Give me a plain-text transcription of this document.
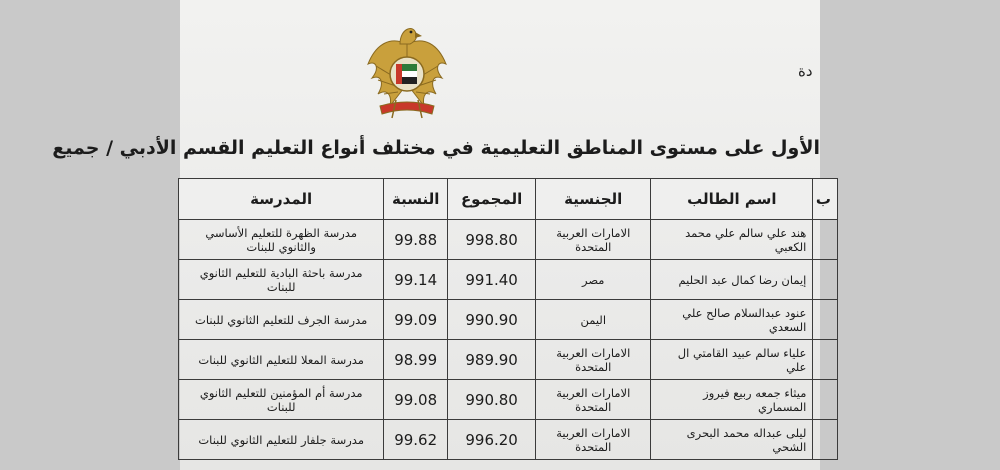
دة
الأول على مستوى المناطق التعليمية في مختلف أنواع التعليم القسم الأدبي / جميع
ب	اسم الطالب	الجنسية	المجموع	النسبة	المدرسة
	هند علي سالم علي محمد الكعبي	الامارات العربية المتحدة	998.80	99.88	مدرسة الظهرة للتعليم الأساسي والثانوي للبنات
	إيمان رضا كمال عبد الحليم	مصر	991.40	99.14	مدرسة باحثة البادية للتعليم الثانوي للبنات
	عنود عبدالسلام صالح علي السعدي	اليمن	990.90	99.09	مدرسة الجرف للتعليم الثانوي للبنات
	علياء سالم عبيد القامتي ال علي	الامارات العربية المتحدة	989.90	98.99	مدرسة المعلا للتعليم الثانوي للبنات
	ميثاء جمعه ربيع فيروز المسماري	الامارات العربية المتحدة	990.80	99.08	مدرسة أم المؤمنين للتعليم الثانوي للبنات
	ليلى عبداله محمد البحرى الشحي	الامارات العربية المتحدة	996.20	99.62	مدرسة جلفار للتعليم الثانوي للبنات
